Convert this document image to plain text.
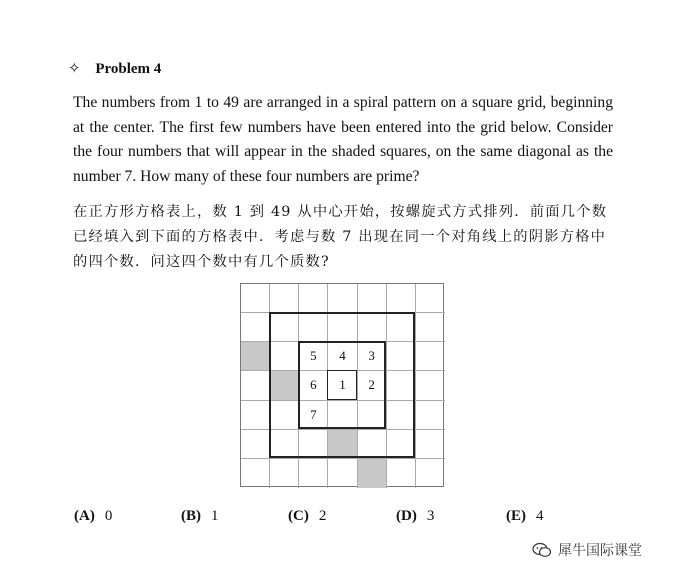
✧ Problem 4
The numbers from 1 to 49 are arranged in a spiral pattern on a square grid, beginning at the center. The first few numbers have been entered into the grid below. Consider the four numbers that will appear in the shaded squares, on the same diagonal as the number 7. How many of these four numbers are prime?
在正方形方格表上，数 1 到 49 从中心开始，按螺旋式方式排列．前面几个数已经填入到下面的方格表中．考虑与数 7 出现在同一个对角线上的阴影方格中的四个数．问这四个数中有几个质数?
5	4	3
6	1	2
7
(A) 0	(B) 1	(C) 2	(D) 3	(E) 4
犀牛国际课堂
